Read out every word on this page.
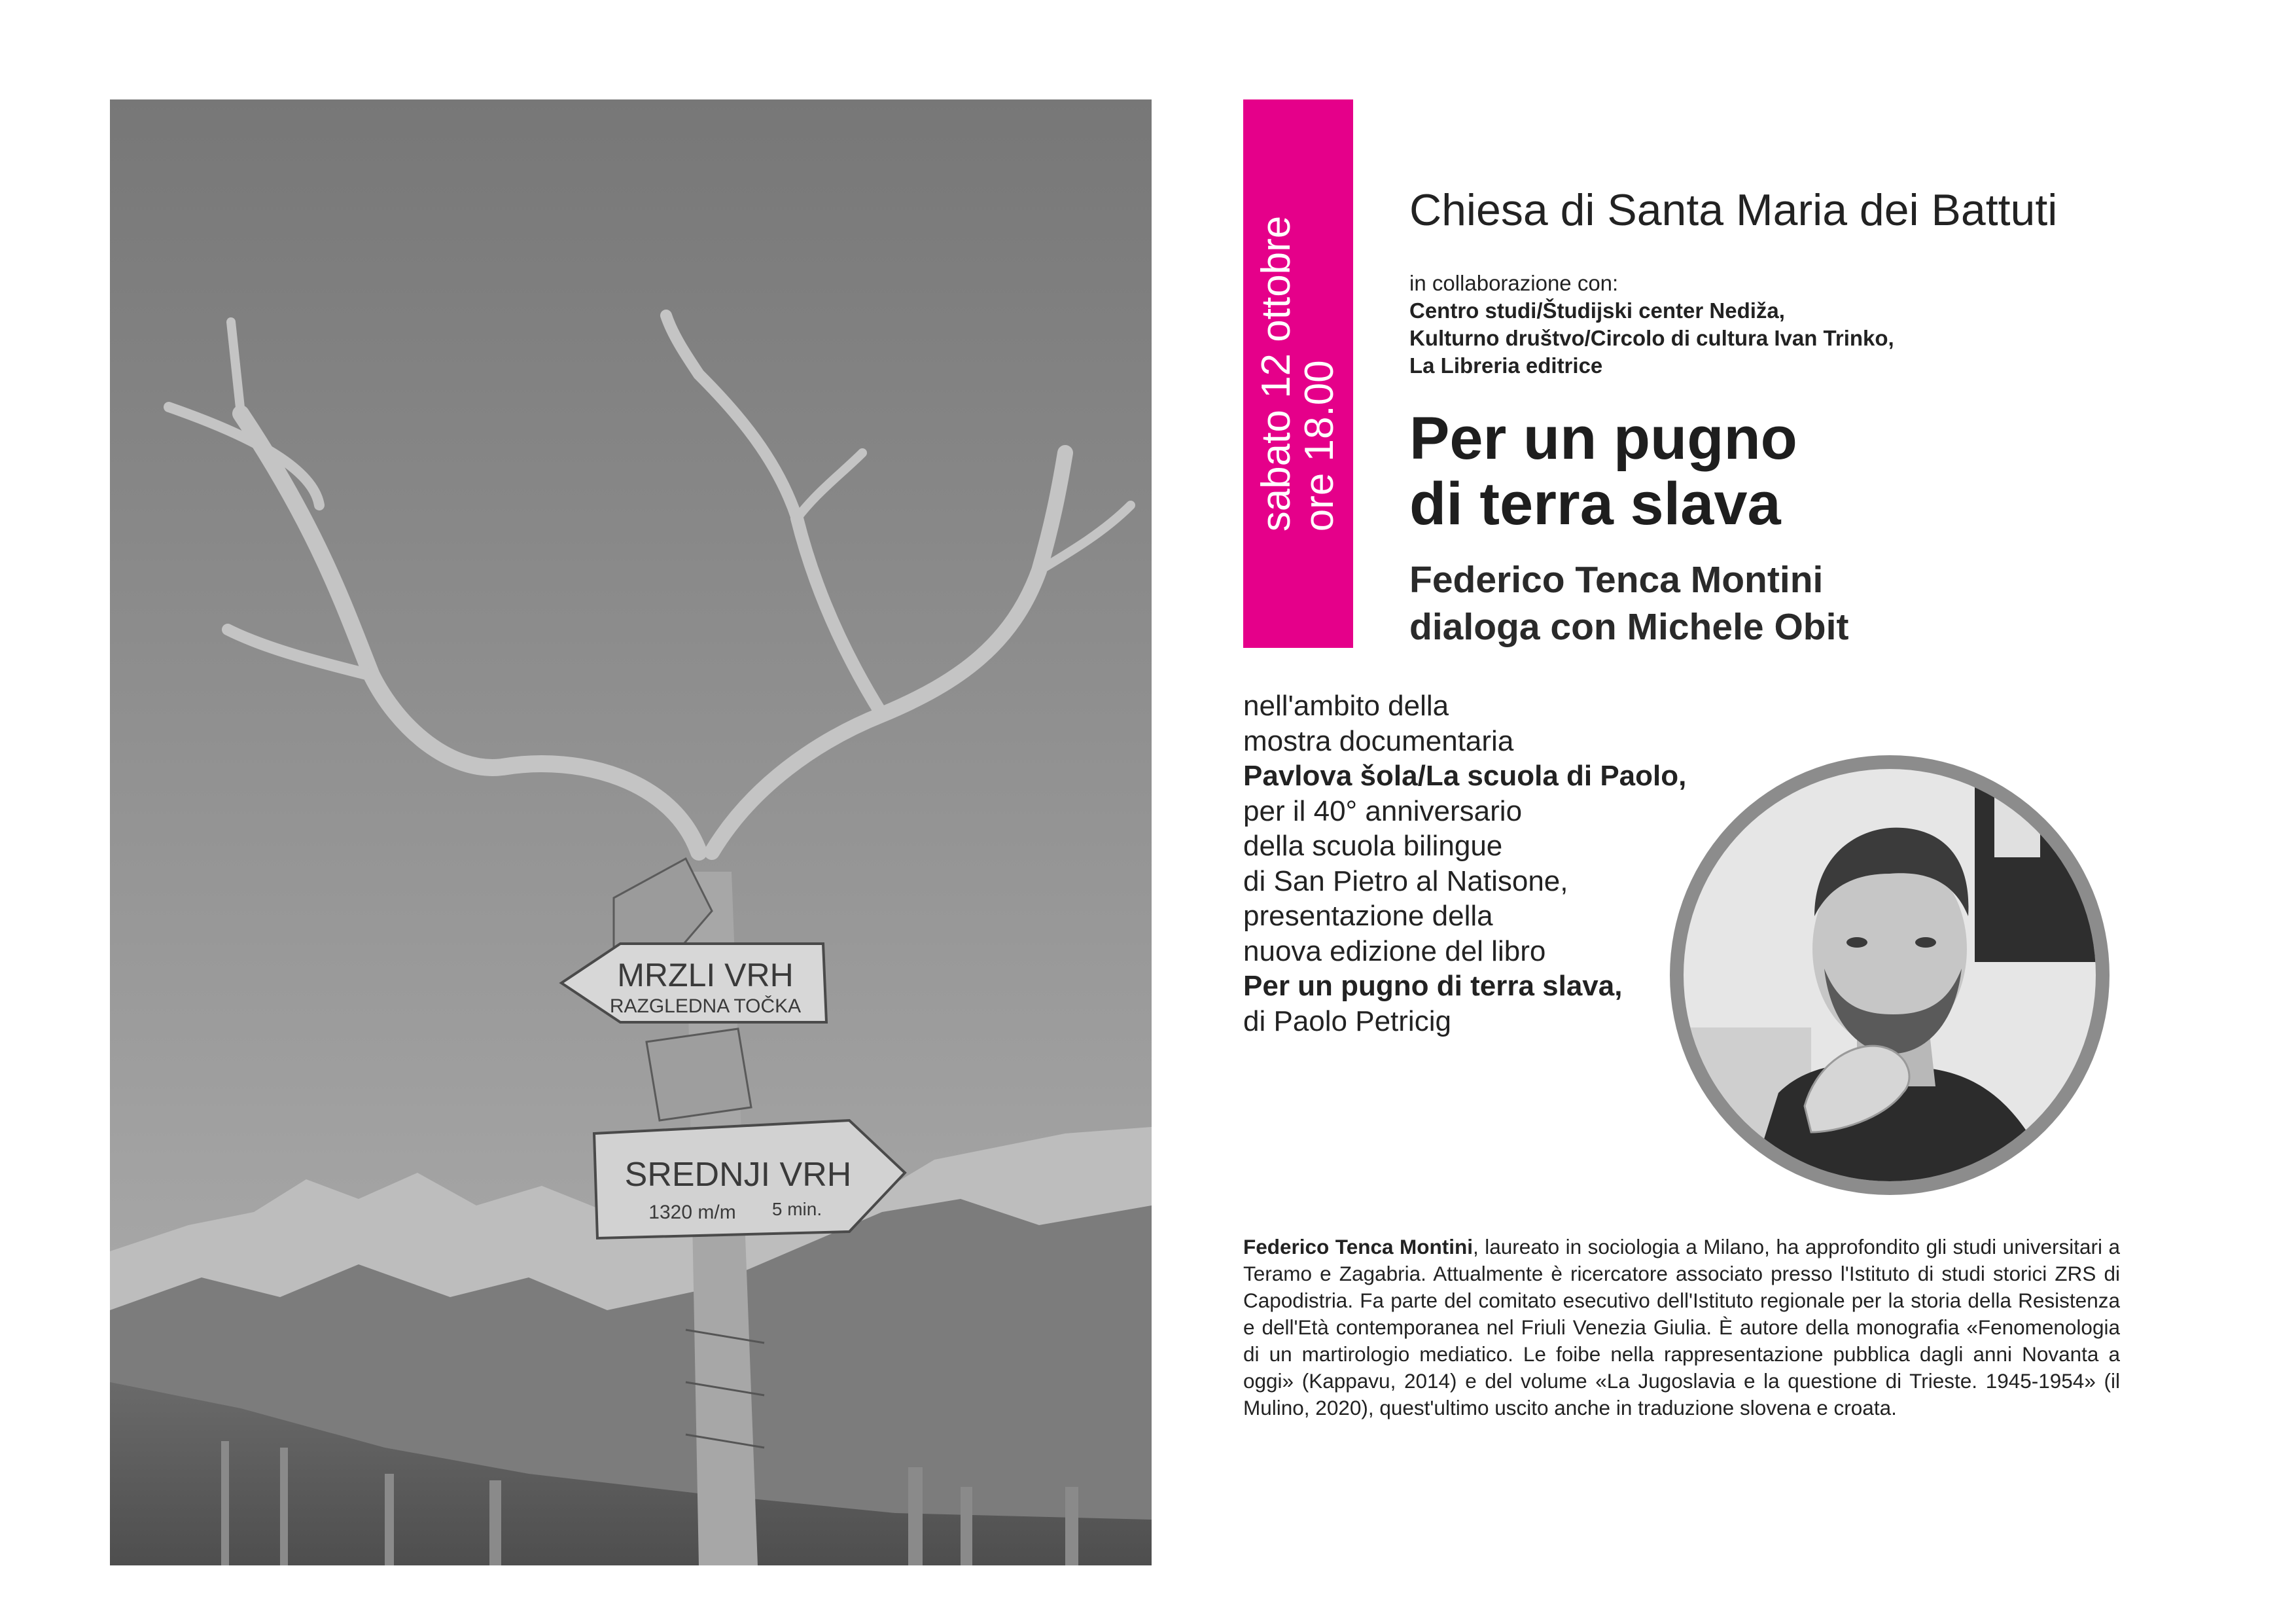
MRZLI VRH
RAZGLEDNA TOČKA
SREDNJI VRH
1320 m/m 5 min.
sabato 12 ottobre
ore 18.00
Chiesa di Santa Maria dei Battuti
in collaborazione con:
Centro studi/Študijski center Nediža,
Kulturno društvo/Circolo di cultura Ivan Trinko,
La Libreria editrice
Per un pugno
di terra slava
Federico Tenca Montini
dialoga con Michele Obit
nell'ambito della
mostra documentaria
Pavlova šola/La scuola di Paolo,
per il 40° anniversario
della scuola bilingue
di San Pietro al Natisone,
presentazione della
nuova edizione del libro
Per un pugno di terra slava,
di Paolo Petricig
Federico Tenca Montini, laureato in sociologia a Milano, ha approfondito gli studi universitari a Teramo e Zagabria. Attualmente è ricercatore associato presso l'Istituto di studi storici ZRS di Capodistria. Fa parte del comitato esecutivo dell'Istituto regionale per la storia della Resistenza e dell'Età contemporanea nel Friuli Venezia Giulia. È autore della monografia «Fenomenologia di un martirologio mediatico. Le foibe nella rappresentazione pubblica dagli anni Novanta a oggi» (Kappavu, 2014) e del volume «La Jugoslavia e la questione di Trieste. 1945-1954» (il Mulino, 2020), quest'ultimo uscito anche in traduzione slovena e croata.
